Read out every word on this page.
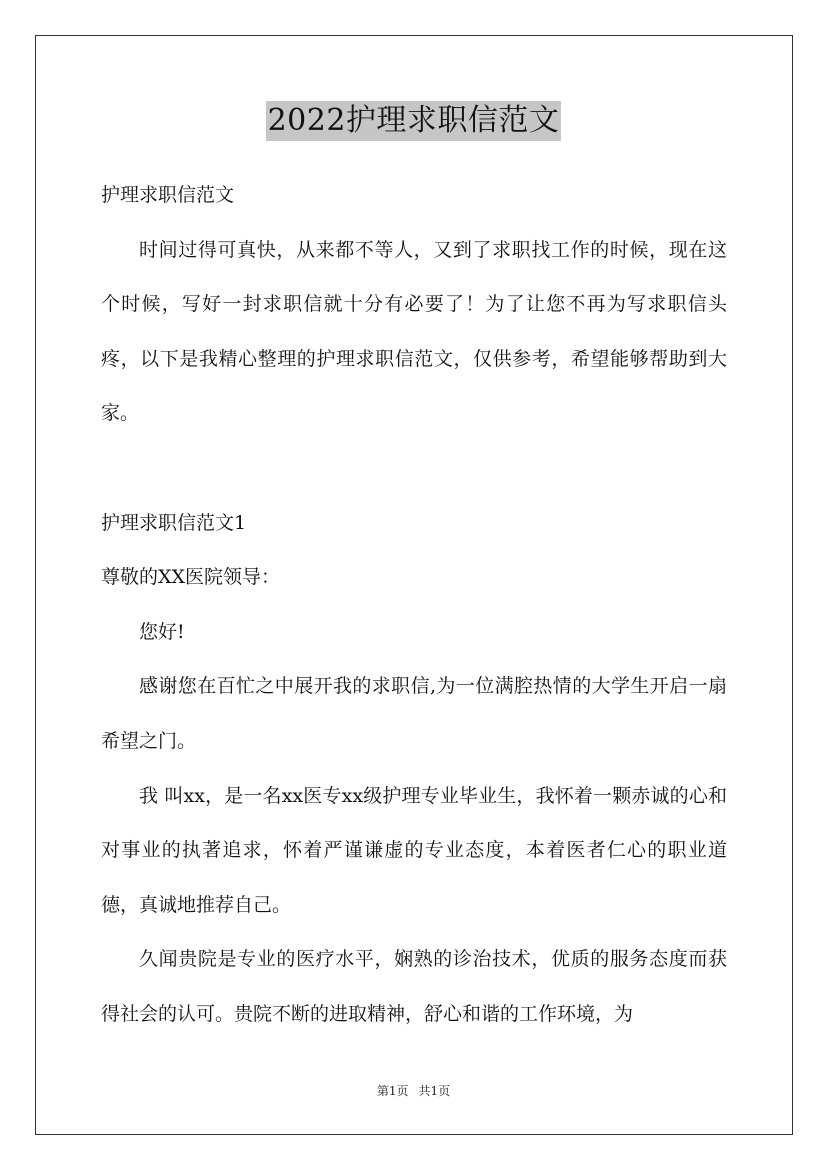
2022护理求职信范文

护理求职信范文

时间过得可真快，从来都不等人，又到了求职找工作的时候，现在这个时候，写好一封求职信就十分有必要了！为了让您不再为写求职信头疼，以下是我精心整理的护理求职信范文，仅供参考，希望能够帮助到大家。

护理求职信范文1

尊敬的XX医院领导：

您好!

感谢您在百忙之中展开我的求职信,为一位满腔热情的大学生开启一扇希望之门。

我 叫xx，是一名xx医专xx级护理专业毕业生，我怀着一颗赤诚的心和对事业的执著追求，怀着严谨谦虚的专业态度，本着医者仁心的职业道德，真诚地推荐自己。

久闻贵院是专业的医疗水平，娴熟的诊治技术，优质的服务态度而获得社会的认可。贵院不断的进取精神，舒心和谐的工作环境，为

第1页 共1页
